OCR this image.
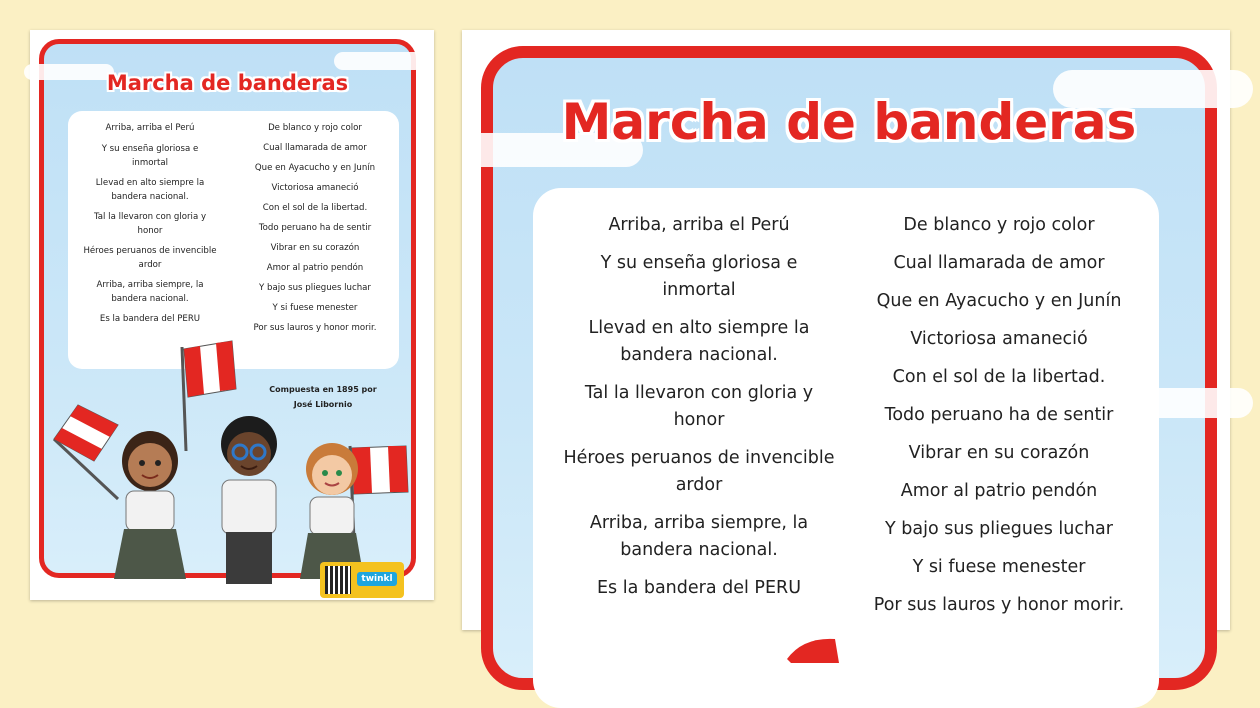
Marcha de banderas
Arriba, arriba el Perú
Y su enseña gloriosa e inmortal
Llevad en alto siempre la bandera nacional.
Tal la llevaron con gloria y honor
Héroes peruanos de invencible ardor
Arriba, arriba siempre, la bandera nacional.
Es la bandera del PERU
De blanco y rojo color
Cual llamarada de amor
Que en Ayacucho y en Junín
Victoriosa amaneció
Con el sol de la libertad.
Todo peruano ha de sentir
Vibrar en su corazón
Amor al patrio pendón
Y bajo sus pliegues luchar
Y si fuese menester
Por sus lauros y honor morir.
Compuesta en 1895 por
José Libornio
twinkl
Marcha de banderas
Arriba, arriba el Perú
Y su enseña gloriosa e inmortal
Llevad en alto siempre la bandera nacional.
Tal la llevaron con gloria y honor
Héroes peruanos de invencible ardor
Arriba, arriba siempre, la bandera nacional.
Es la bandera del PERU
De blanco y rojo color
Cual llamarada de amor
Que en Ayacucho y en Junín
Victoriosa amaneció
Con el sol de la libertad.
Todo peruano ha de sentir
Vibrar en su corazón
Amor al patrio pendón
Y bajo sus pliegues luchar
Y si fuese menester
Por sus lauros y honor morir.
